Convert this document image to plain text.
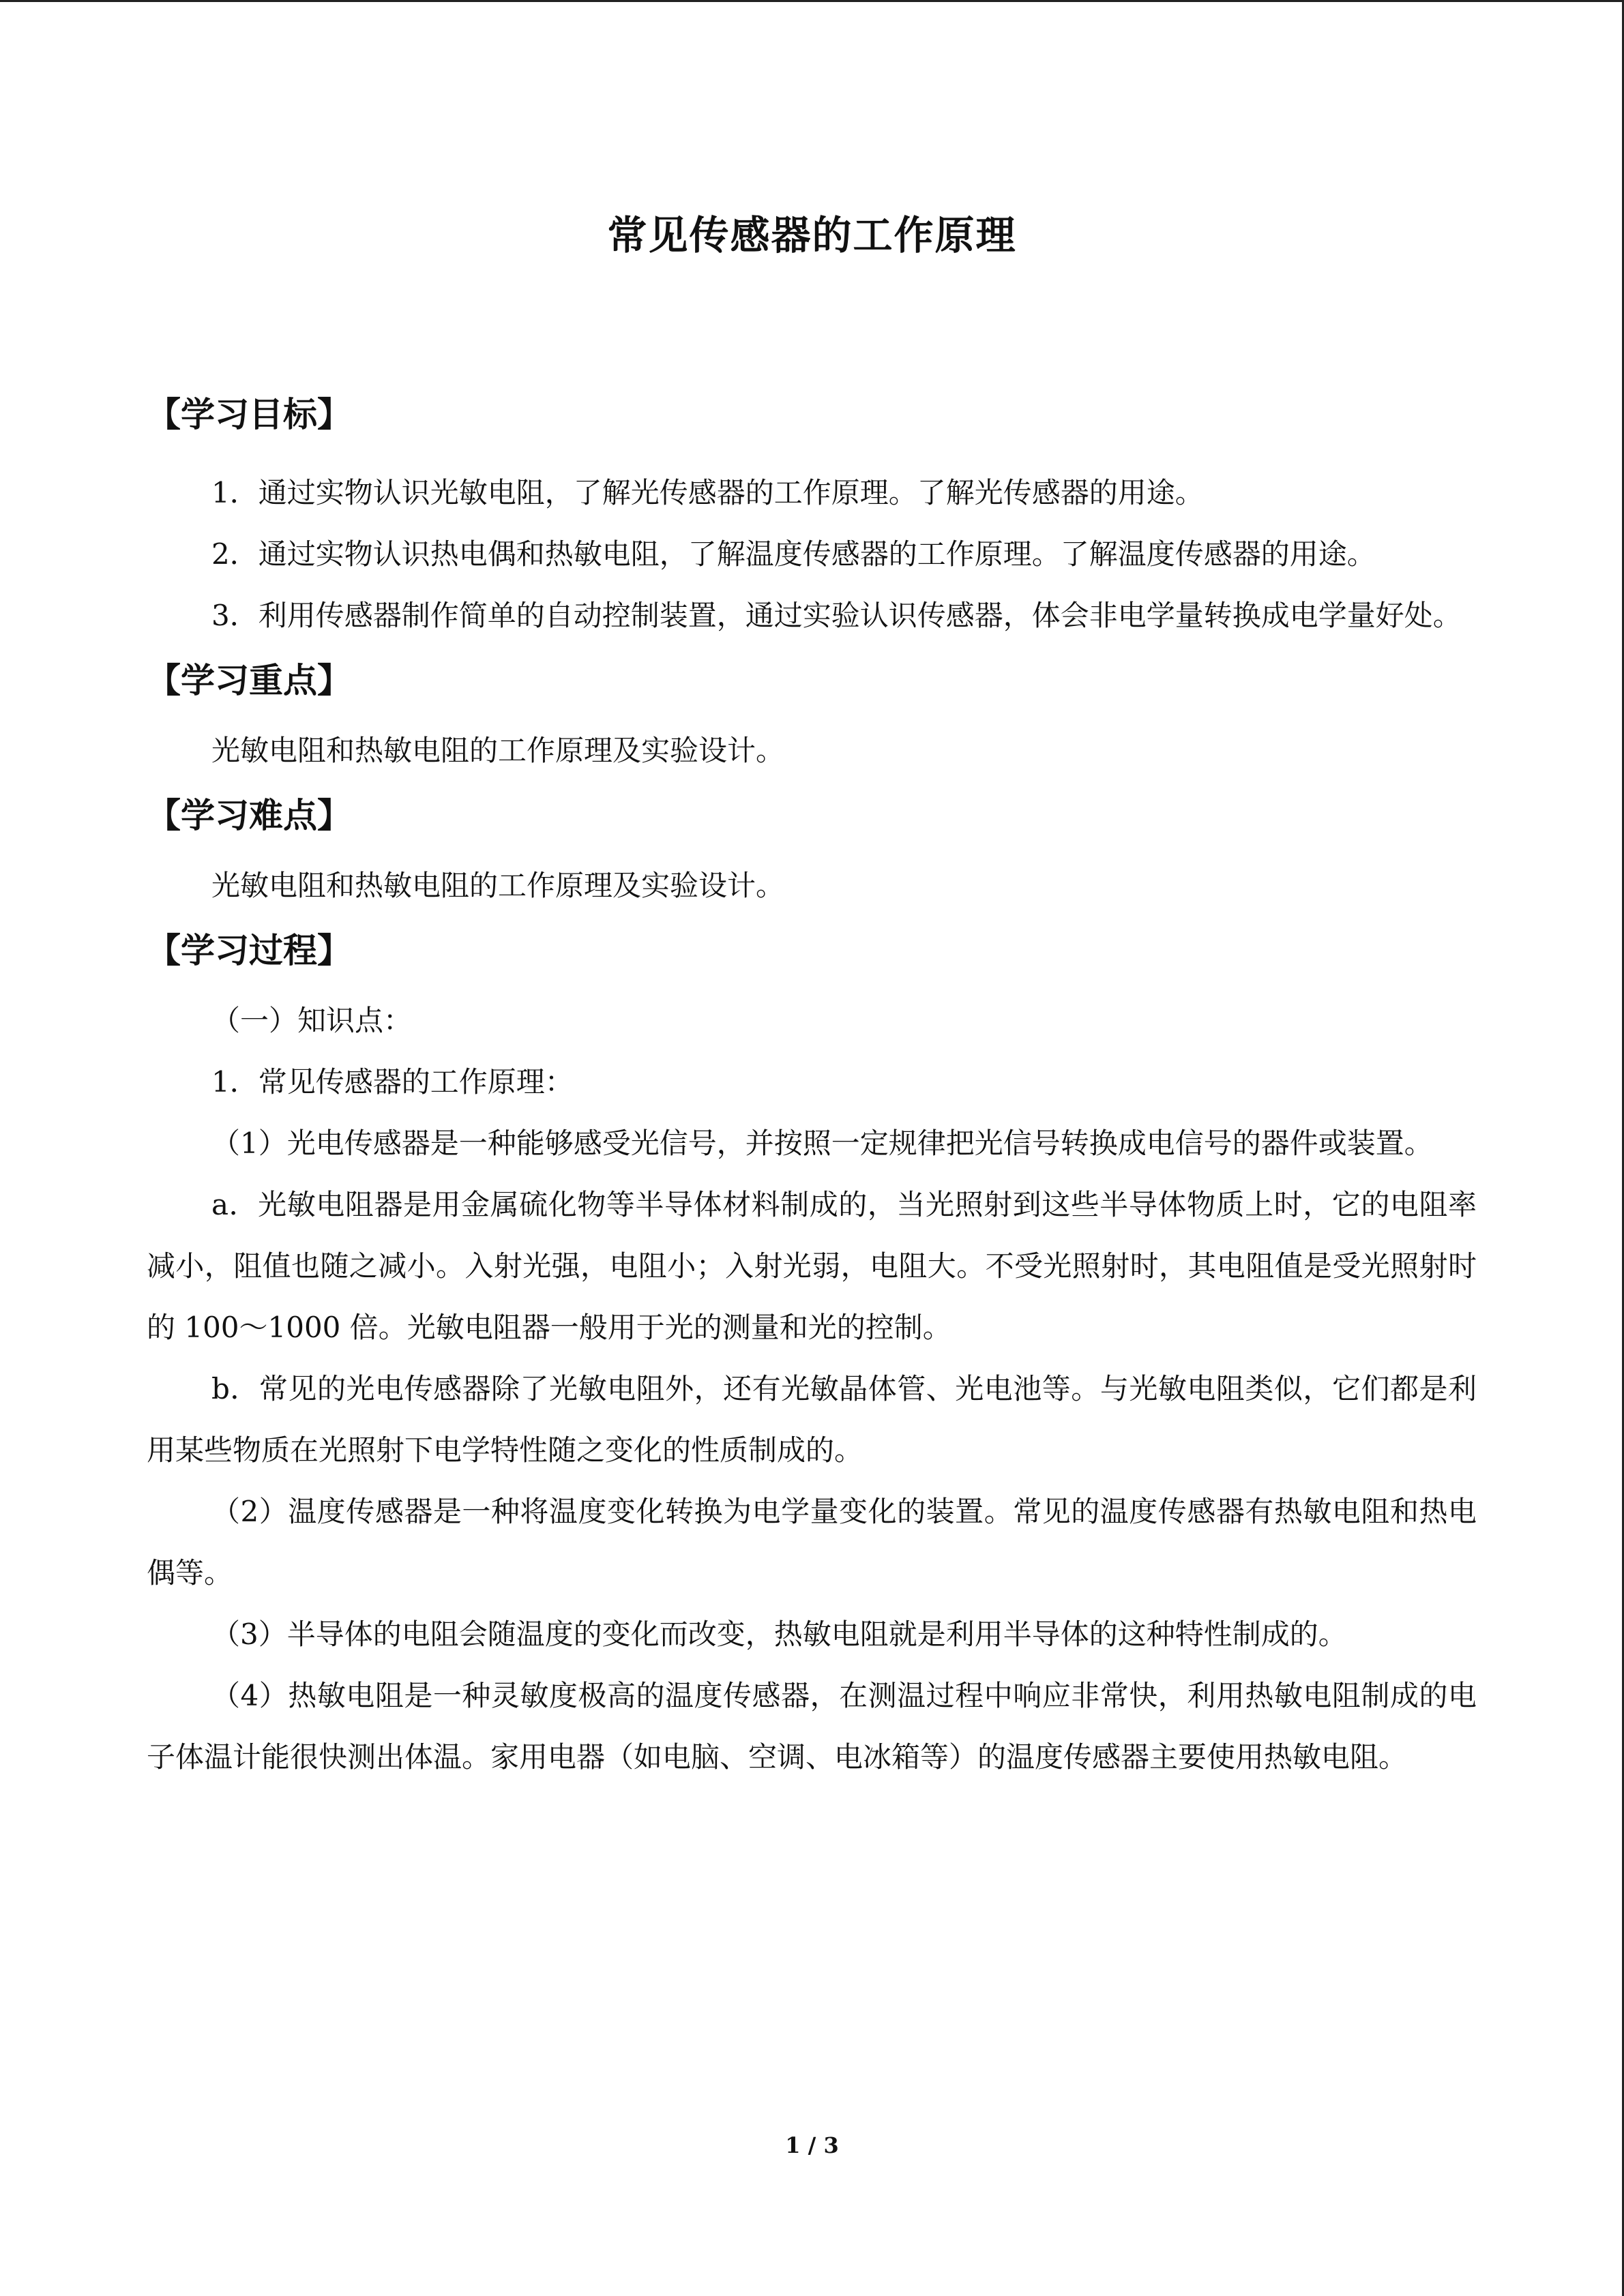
常见传感器的工作原理
【学习目标】

1．通过实物认识光敏电阻，了解光传感器的工作原理。了解光传感器的用途。

2．通过实物认识热电偶和热敏电阻，了解温度传感器的工作原理。了解温度传感器的用途。

3．利用传感器制作简单的自动控制装置，通过实验认识传感器，体会非电学量转换成电学量好处。

【学习重点】

光敏电阻和热敏电阻的工作原理及实验设计。

【学习难点】

光敏电阻和热敏电阻的工作原理及实验设计。

【学习过程】

（一）知识点：

1．常见传感器的工作原理：

（1）光电传感器是一种能够感受光信号，并按照一定规律把光信号转换成电信号的器件或装置。

a．光敏电阻器是用金属硫化物等半导体材料制成的，当光照射到这些半导体物质上时，它的电阻率减小，阻值也随之减小。入射光强，电阻小；入射光弱，电阻大。不受光照射时，其电阻值是受光照射时的 100～1000 倍。光敏电阻器一般用于光的测量和光的控制。

b．常见的光电传感器除了光敏电阻外，还有光敏晶体管、光电池等。与光敏电阻类似，它们都是利用某些物质在光照射下电学特性随之变化的性质制成的。

（2）温度传感器是一种将温度变化转换为电学量变化的装置。常见的温度传感器有热敏电阻和热电偶等。

（3）半导体的电阻会随温度的变化而改变，热敏电阻就是利用半导体的这种特性制成的。

（4）热敏电阻是一种灵敏度极高的温度传感器，在测温过程中响应非常快，利用热敏电阻制成的电子体温计能很快测出体温。家用电器（如电脑、空调、电冰箱等）的温度传感器主要使用热敏电阻。

1 / 3
